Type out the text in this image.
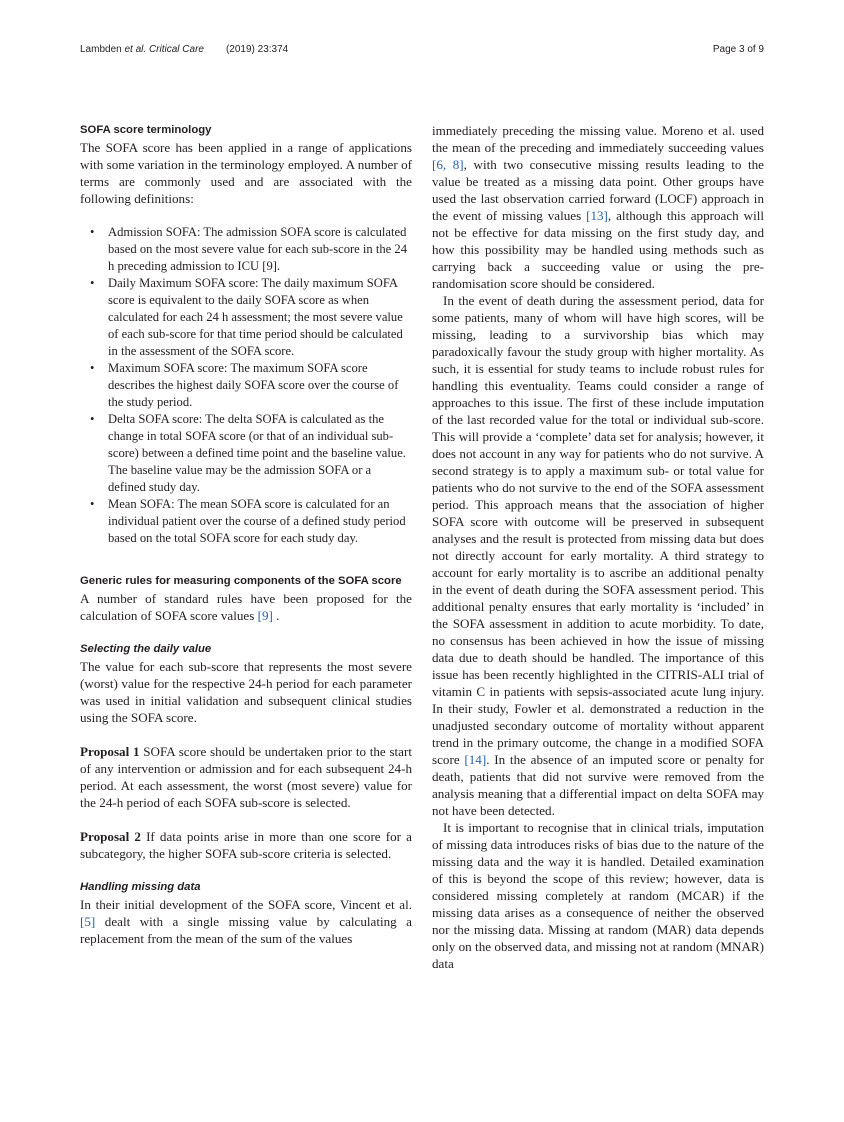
Lambden et al. Critical Care (2019) 23:374	Page 3 of 9
SOFA score terminology

The SOFA score has been applied in a range of applications with some variation in the terminology employed. A number of terms are commonly used and are associated with the following definitions:

• Admission SOFA: The admission SOFA score is calculated based on the most severe value for each sub-score in the 24 h preceding admission to ICU [9].
• Daily Maximum SOFA score: The daily maximum SOFA score is equivalent to the daily SOFA score as when calculated for each 24 h assessment; the most severe value of each sub-score for that time period should be calculated in the assessment of the SOFA score.
• Maximum SOFA score: The maximum SOFA score describes the highest daily SOFA score over the course of the study period.
• Delta SOFA score: The delta SOFA is calculated as the change in total SOFA score (or that of an individual sub-score) between a defined time point and the baseline value. The baseline value may be the admission SOFA or a defined study day.
• Mean SOFA: The mean SOFA score is calculated for an individual patient over the course of a defined study period based on the total SOFA score for each study day.
Generic rules for measuring components of the SOFA score

A number of standard rules have been proposed for the calculation of SOFA score values [9] .

Selecting the daily value

The value for each sub-score that represents the most severe (worst) value for the respective 24-h period for each parameter was used in initial validation and subsequent clinical studies using the SOFA score.

Proposal 1 SOFA score should be undertaken prior to the start of any intervention or admission and for each subsequent 24-h period. At each assessment, the worst (most severe) value for the 24-h period of each SOFA sub-score is selected.

Proposal 2 If data points arise in more than one score for a subcategory, the higher SOFA sub-score criteria is selected.

Handling missing data

In their initial development of the SOFA score, Vincent et al. [5] dealt with a single missing value by calculating a replacement from the mean of the sum of the values

immediately preceding the missing value. Moreno et al. used the mean of the preceding and immediately succeeding values [6, 8], with two consecutive missing results leading to the value be treated as a missing data point. Other groups have used the last observation carried forward (LOCF) approach in the event of missing values [13], although this approach will not be effective for data missing on the first study day, and how this possibility may be handled using methods such as carrying back a succeeding value or using the pre-randomisation score should be considered.

In the event of death during the assessment period, data for some patients, many of whom will have high scores, will be missing, leading to a survivorship bias which may paradoxically favour the study group with higher mortality. As such, it is essential for study teams to include robust rules for handling this eventuality. Teams could consider a range of approaches to this issue. The first of these include imputation of the last recorded value for the total or individual sub-score. This will provide a ‘complete’ data set for analysis; however, it does not account in any way for patients who do not survive. A second strategy is to apply a maximum sub- or total value for patients who do not survive to the end of the SOFA assessment period. This approach means that the association of higher SOFA score with outcome will be preserved in subsequent analyses and the result is protected from missing data but does not directly account for early mortality. A third strategy to account for early mortality is to ascribe an additional penalty in the event of death during the SOFA assessment period. This additional penalty ensures that early mortality is ‘included’ in the SOFA assessment in addition to acute morbidity. To date, no consensus has been achieved in how the issue of missing data due to death should be handled. The importance of this issue has been recently highlighted in the CITRIS-ALI trial of vitamin C in patients with sepsis-associated acute lung injury. In their study, Fowler et al. demonstrated a reduction in the unadjusted secondary outcome of mortality without apparent trend in the primary outcome, the change in a modified SOFA score [14]. In the absence of an imputed score or penalty for death, patients that did not survive were removed from the analysis meaning that a differential impact on delta SOFA may not have been detected.

It is important to recognise that in clinical trials, imputation of missing data introduces risks of bias due to the nature of the missing data and the way it is handled. Detailed examination of this is beyond the scope of this review; however, data is considered missing completely at random (MCAR) if the missing data arises as a consequence of neither the observed nor the missing data. Missing at random (MAR) data depends only on the observed data, and missing not at random (MNAR) data
